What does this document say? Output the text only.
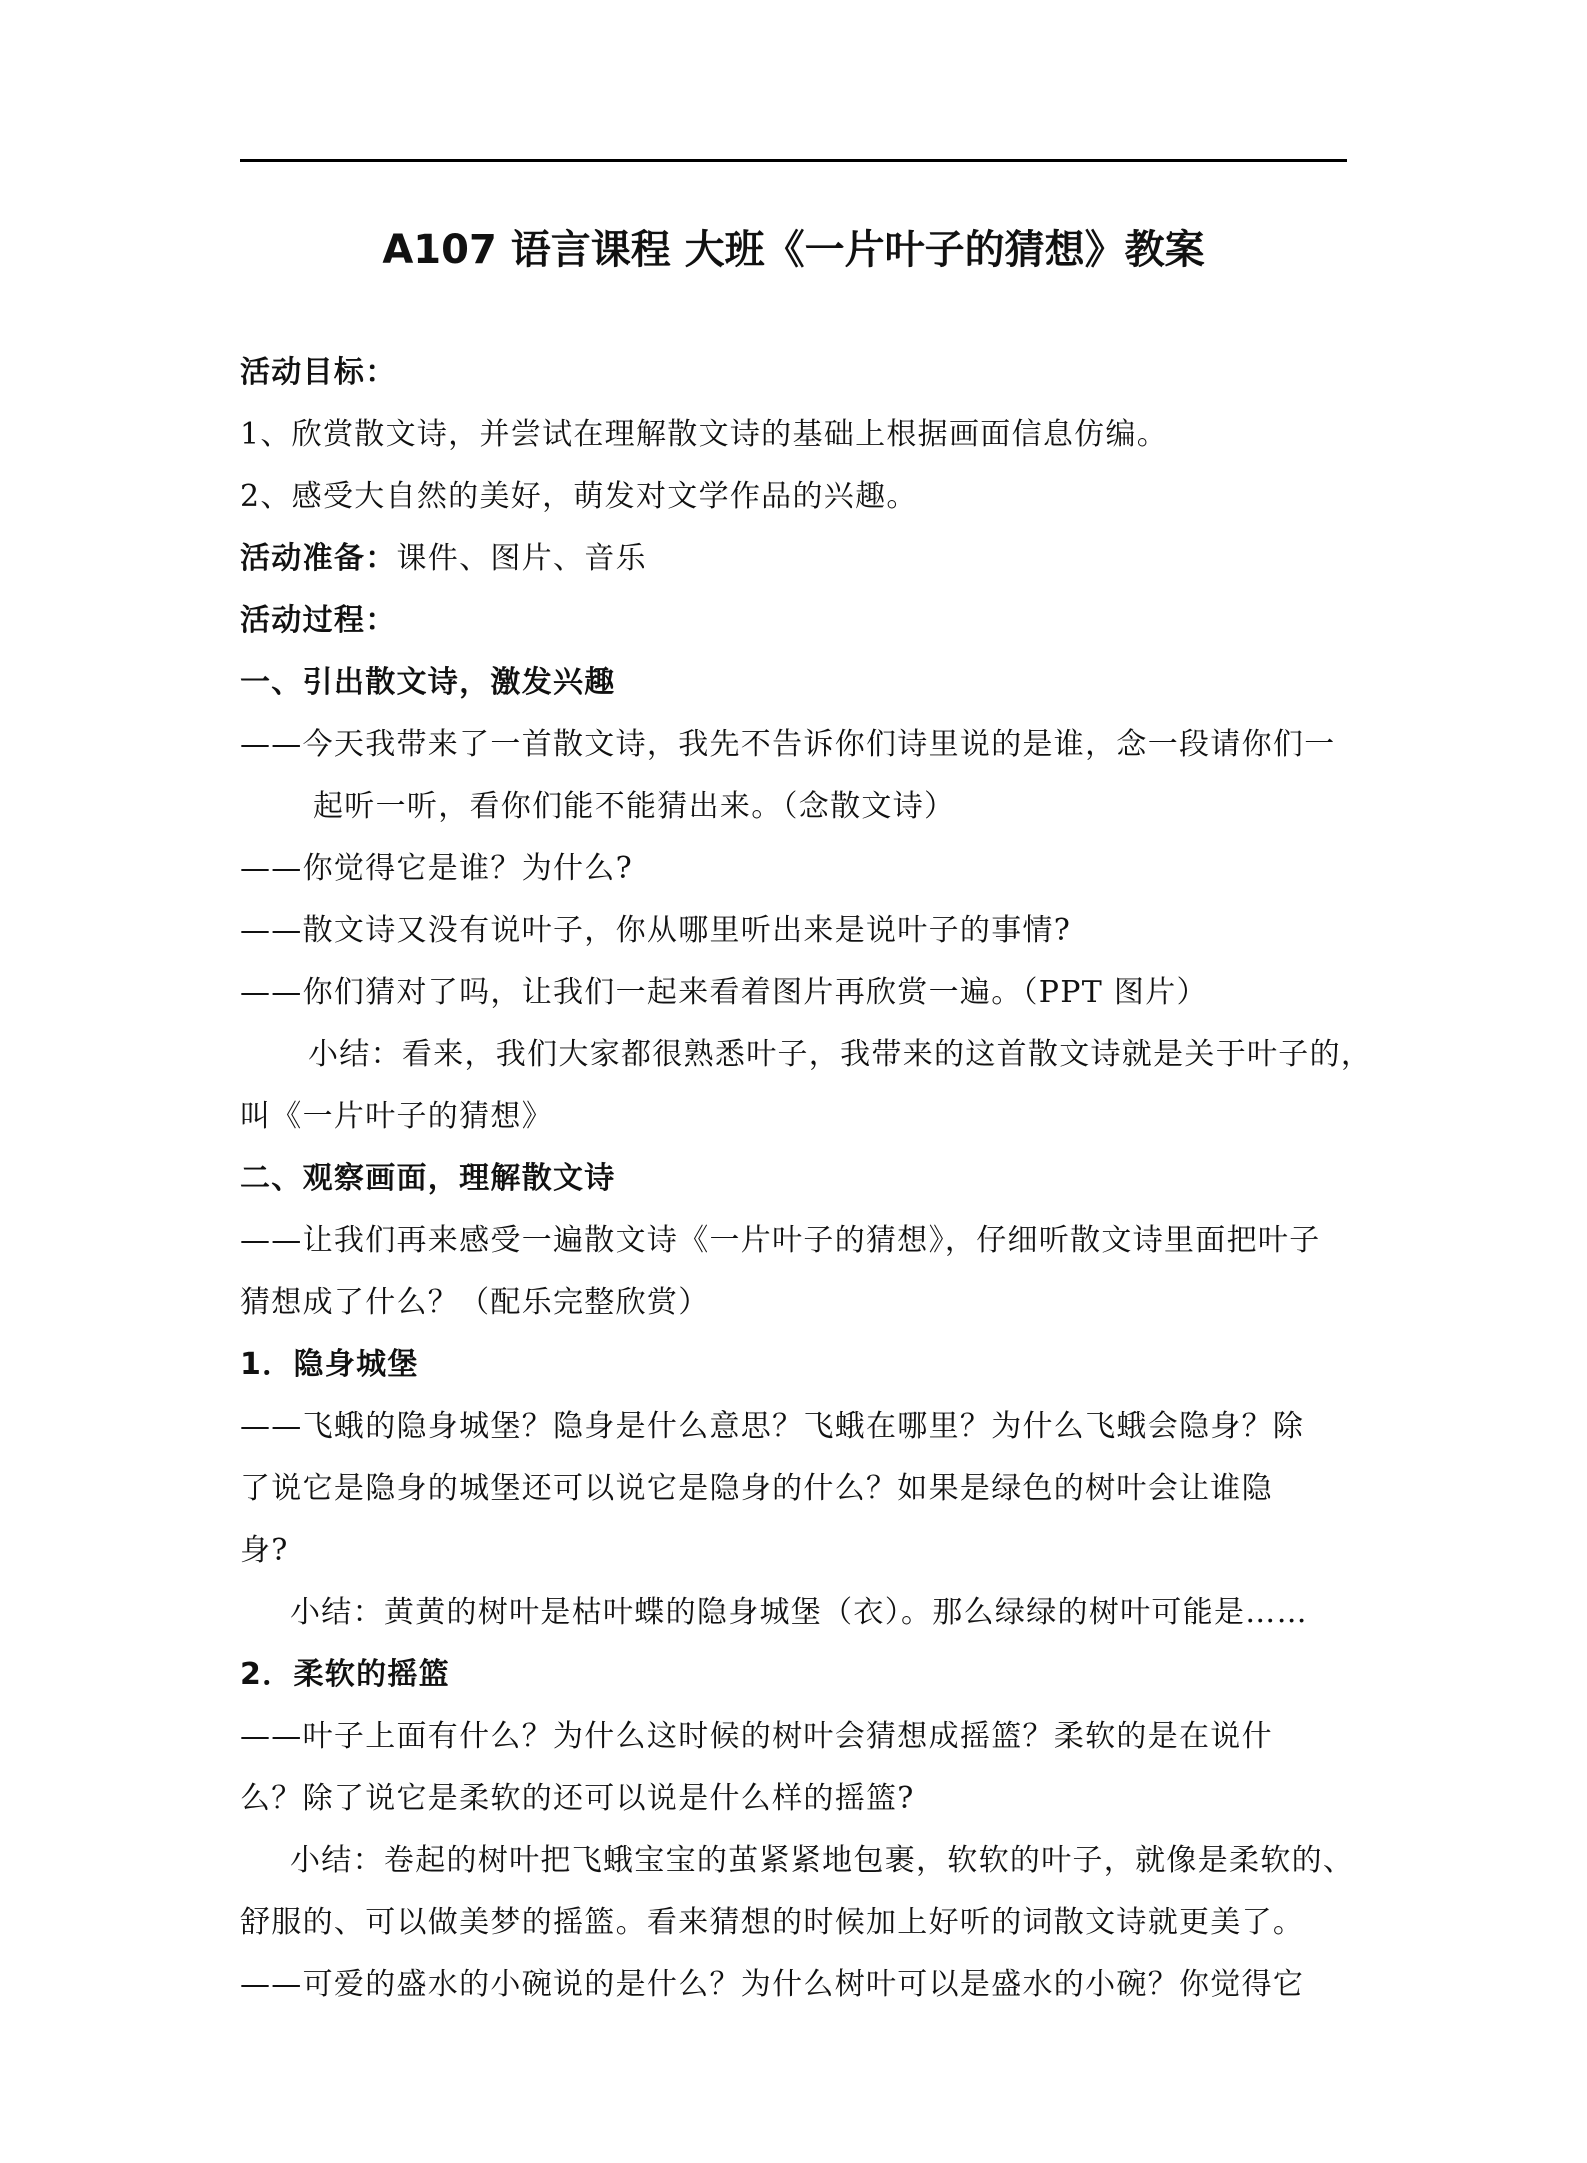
A107 语言课程 大班《一片叶子的猜想》教案
活动目标：
1、欣赏散文诗，并尝试在理解散文诗的基础上根据画面信息仿编。
2、感受大自然的美好，萌发对文学作品的兴趣。
活动准备：课件、图片、音乐
活动过程：
一、引出散文诗，激发兴趣
——今天我带来了一首散文诗，我先不告诉你们诗里说的是谁，念一段请你们一
起听一听，看你们能不能猜出来。（念散文诗）
——你觉得它是谁？为什么?
——散文诗又没有说叶子，你从哪里听出来是说叶子的事情?
——你们猜对了吗，让我们一起来看着图片再欣赏一遍。（PPT 图片）
小结：看来，我们大家都很熟悉叶子，我带来的这首散文诗就是关于叶子的，
叫《一片叶子的猜想》
二、观察画面，理解散文诗
——让我们再来感受一遍散文诗《一片叶子的猜想》，仔细听散文诗里面把叶子
猜想成了什么？（配乐完整欣赏）
1．隐身城堡
——飞蛾的隐身城堡？隐身是什么意思？飞蛾在哪里？为什么飞蛾会隐身？除
了说它是隐身的城堡还可以说它是隐身的什么？如果是绿色的树叶会让谁隐
身?
小结：黄黄的树叶是枯叶蝶的隐身城堡（衣）。那么绿绿的树叶可能是……
2．柔软的摇篮
——叶子上面有什么？为什么这时候的树叶会猜想成摇篮？柔软的是在说什
么？除了说它是柔软的还可以说是什么样的摇篮?
小结：卷起的树叶把飞蛾宝宝的茧紧紧地包裹，软软的叶子，就像是柔软的、
舒服的、可以做美梦的摇篮。看来猜想的时候加上好听的词散文诗就更美了。
——可爱的盛水的小碗说的是什么？为什么树叶可以是盛水的小碗？你觉得它
